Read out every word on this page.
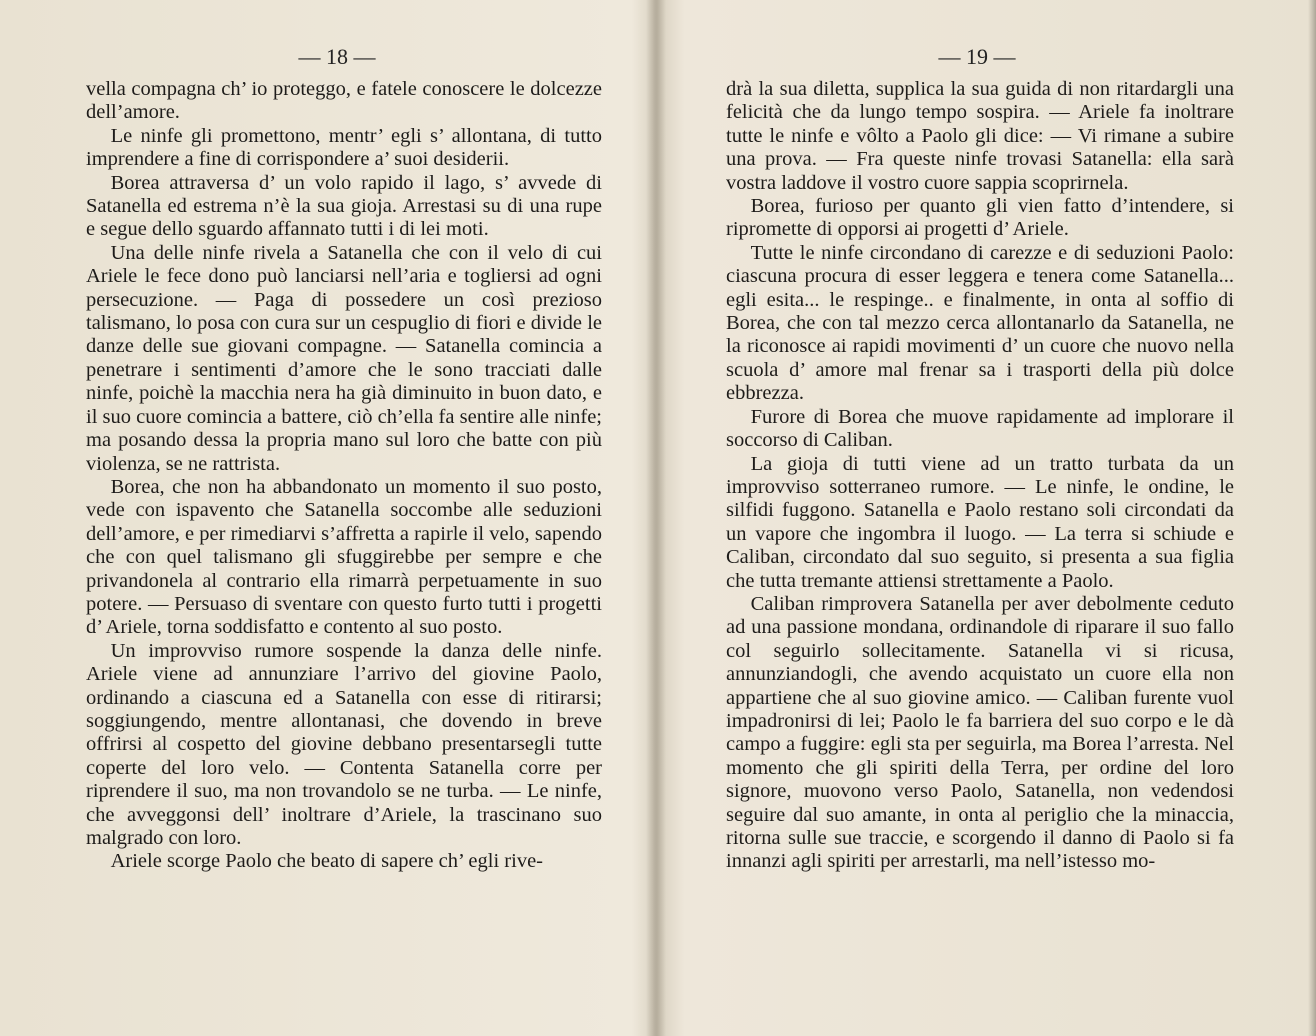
— 18 —

vella compagna ch’ io proteggo, e fatele conoscere le dolcezze dell’amore.

Le ninfe gli promettono, mentr’ egli s’ allontana, di tutto imprendere a fine di corrispondere a’ suoi desiderii.

Borea attraversa d’ un volo rapido il lago, s’ avvede di Satanella ed estrema n’è la sua gioja. Arrestasi su di una rupe e segue dello sguardo affannato tutti i di lei moti.

Una delle ninfe rivela a Satanella che con il velo di cui Ariele le fece dono può lanciarsi nell’aria e togliersi ad ogni persecuzione. — Paga di possedere un così prezioso talismano, lo posa con cura sur un cespuglio di fiori e divide le danze delle sue giovani compagne. — Satanella comincia a penetrare i sentimenti d’amore che le sono tracciati dalle ninfe, poichè la macchia nera ha già diminuito in buon dato, e il suo cuore comincia a battere, ciò ch’ella fa sentire alle ninfe; ma posando dessa la propria mano sul loro che batte con più violenza, se ne rattrista.

Borea, che non ha abbandonato un momento il suo posto, vede con ispavento che Satanella soccombe alle seduzioni dell’amore, e per rimediarvi s’affretta a rapirle il velo, sapendo che con quel talismano gli sfuggirebbe per sempre e che privandonela al contrario ella rimarrà perpetuamente in suo potere. — Persuaso di sventare con questo furto tutti i progetti d’ Ariele, torna soddisfatto e contento al suo posto.

Un improvviso rumore sospende la danza delle ninfe. Ariele viene ad annunziare l’arrivo del giovine Paolo, ordinando a ciascuna ed a Satanella con esse di ritirarsi; soggiungendo, mentre allontanasi, che dovendo in breve offrirsi al cospetto del giovine debbano presentarsegli tutte coperte del loro velo. — Contenta Satanella corre per riprendere il suo, ma non trovandolo se ne turba. — Le ninfe, che avveggonsi dell’ inoltrare d’Ariele, la trascinano suo malgrado con loro.

Ariele scorge Paolo che beato di sapere ch’ egli rive-

— 19 —

drà la sua diletta, supplica la sua guida di non ritardargli una felicità che da lungo tempo sospira. — Ariele fa inoltrare tutte le ninfe e vôlto a Paolo gli dice: — Vi rimane a subire una prova. — Fra queste ninfe trovasi Satanella: ella sarà vostra laddove il vostro cuore sappia scoprirnela.

Borea, furioso per quanto gli vien fatto d’intendere, si ripromette di opporsi ai progetti d’ Ariele.

Tutte le ninfe circondano di carezze e di seduzioni Paolo: ciascuna procura di esser leggera e tenera come Satanella... egli esita... le respinge.. e finalmente, in onta al soffio di Borea, che con tal mezzo cerca allontanarlo da Satanella, ne la riconosce ai rapidi movimenti d’ un cuore che nuovo nella scuola d’ amore mal frenar sa i trasporti della più dolce ebbrezza.

Furore di Borea che muove rapidamente ad implorare il soccorso di Caliban.

La gioja di tutti viene ad un tratto turbata da un improvviso sotterraneo rumore. — Le ninfe, le ondine, le silfidi fuggono. Satanella e Paolo restano soli circondati da un vapore che ingombra il luogo. — La terra si schiude e Caliban, circondato dal suo seguito, si presenta a sua figlia che tutta tremante attiensi strettamente a Paolo.

Caliban rimprovera Satanella per aver debolmente ceduto ad una passione mondana, ordinandole di riparare il suo fallo col seguirlo sollecitamente. Satanella vi si ricusa, annunziandogli, che avendo acquistato un cuore ella non appartiene che al suo giovine amico. — Caliban furente vuol impadronirsi di lei; Paolo le fa barriera del suo corpo e le dà campo a fuggire: egli sta per seguirla, ma Borea l’arresta. Nel momento che gli spiriti della Terra, per ordine del loro signore, muovono verso Paolo, Satanella, non vedendosi seguire dal suo amante, in onta al periglio che la minaccia, ritorna sulle sue traccie, e scorgendo il danno di Paolo si fa innanzi agli spiriti per arrestarli, ma nell’istesso mo-
